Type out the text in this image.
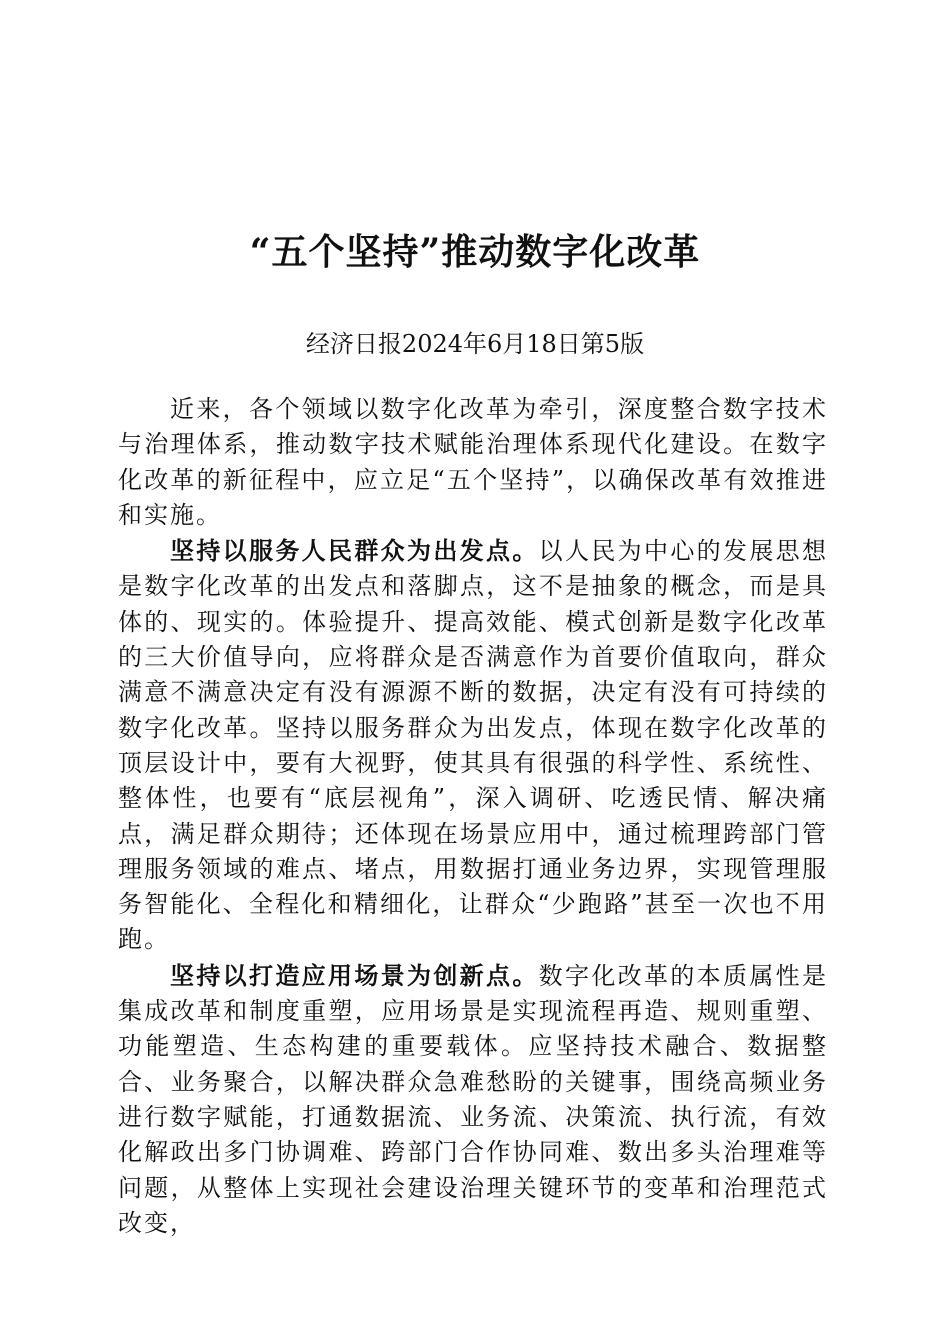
“五个坚持”推动数字化改革
经济日报2024年6月18日第5版

近来，各个领域以数字化改革为牵引，深度整合数字技术与治理体系，推动数字技术赋能治理体系现代化建设。在数字化改革的新征程中，应立足“五个坚持”，以确保改革有效推进和实施。

坚持以服务人民群众为出发点。以人民为中心的发展思想是数字化改革的出发点和落脚点，这不是抽象的概念，而是具体的、现实的。体验提升、提高效能、模式创新是数字化改革的三大价值导向，应将群众是否满意作为首要价值取向，群众满意不满意决定有没有源源不断的数据，决定有没有可持续的数字化改革。坚持以服务群众为出发点，体现在数字化改革的顶层设计中，要有大视野，使其具有很强的科学性、系统性、整体性，也要有“底层视角”，深入调研、吃透民情、解决痛点，满足群众期待；还体现在场景应用中，通过梳理跨部门管理服务领域的难点、堵点，用数据打通业务边界，实现管理服务智能化、全程化和精细化，让群众“少跑路”甚至一次也不用跑。

坚持以打造应用场景为创新点。数字化改革的本质属性是集成改革和制度重塑，应用场景是实现流程再造、规则重塑、功能塑造、生态构建的重要载体。应坚持技术融合、数据整合、业务聚合，以解决群众急难愁盼的关键事，围绕高频业务进行数字赋能，打通数据流、业务流、决策流、执行流，有效化解政出多门协调难、跨部门合作协同难、数出多头治理难等问题，从整体上实现社会建设治理关键环节的变革和治理范式改变，
